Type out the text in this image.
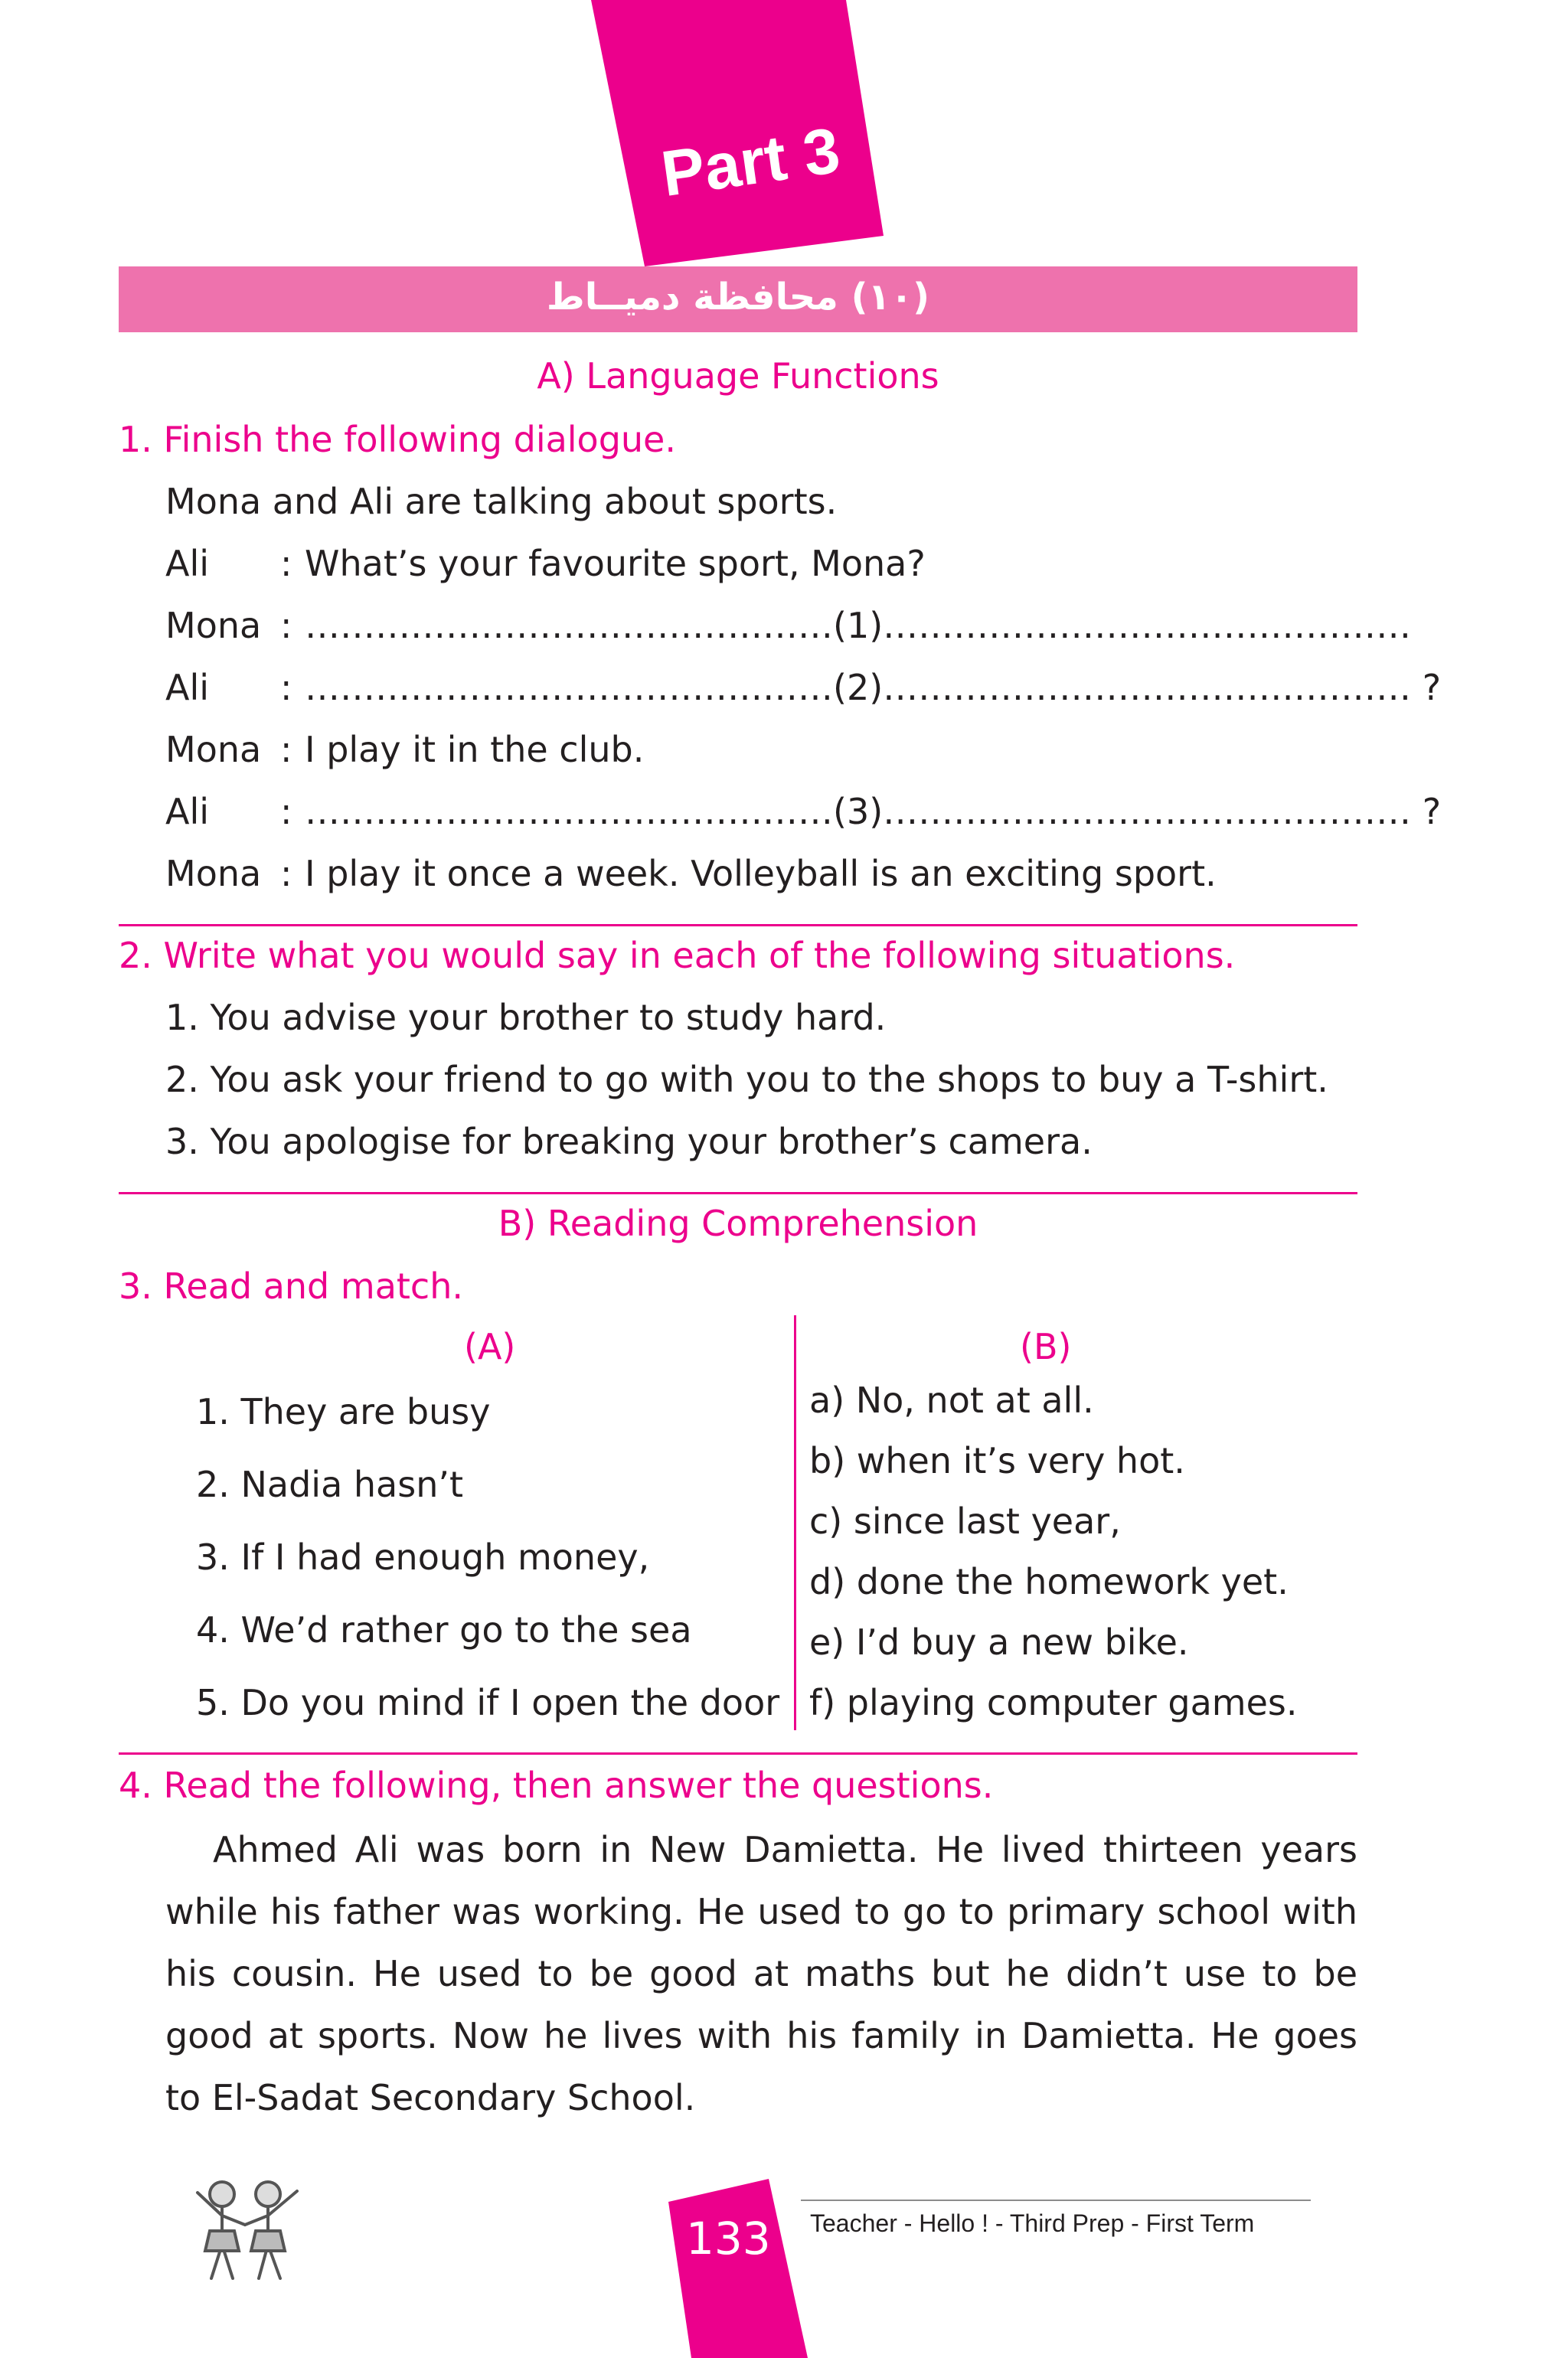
Part 3
(١٠) محافظة دميــاط
A) Language Functions
1. Finish the following dialogue.
Mona and Ali are talking about sports.
Ali : What’s your favourite sport, Mona?
Mona : ………………………………………(1)………………………………………
Ali : ………………………………………(2)……………………………………… ?
Mona : I play it in the club.
Ali : ………………………………………(3)……………………………………… ?
Mona : I play it once a week. Volleyball is an exciting sport.
2. Write what you would say in each of the following situations.
1. You advise your brother to study hard.
2. You ask your friend to go with you to the shops to buy a T-shirt.
3. You apologise for breaking your brother’s camera.
B) Reading Comprehension
3. Read and match.
(A)	(B)
1. They are busy
2. Nadia hasn’t
3. If I had enough money,
4. We’d rather go to the sea
5. Do you mind if I open the door
a) No, not at all.
b) when it’s very hot.
c) since last year,
d) done the homework yet.
e) I’d buy a new bike.
f) playing computer games.
4. Read the following, then answer the questions.
Ahmed Ali was born in New Damietta. He lived thirteen years while his father was working. He used to go to primary school with his cousin. He used to be good at maths but he didn’t use to be good at sports. Now he lives with his family in Damietta. He goes to El-Sadat Secondary School.
133 Teacher - Hello ! - Third Prep - First Term
